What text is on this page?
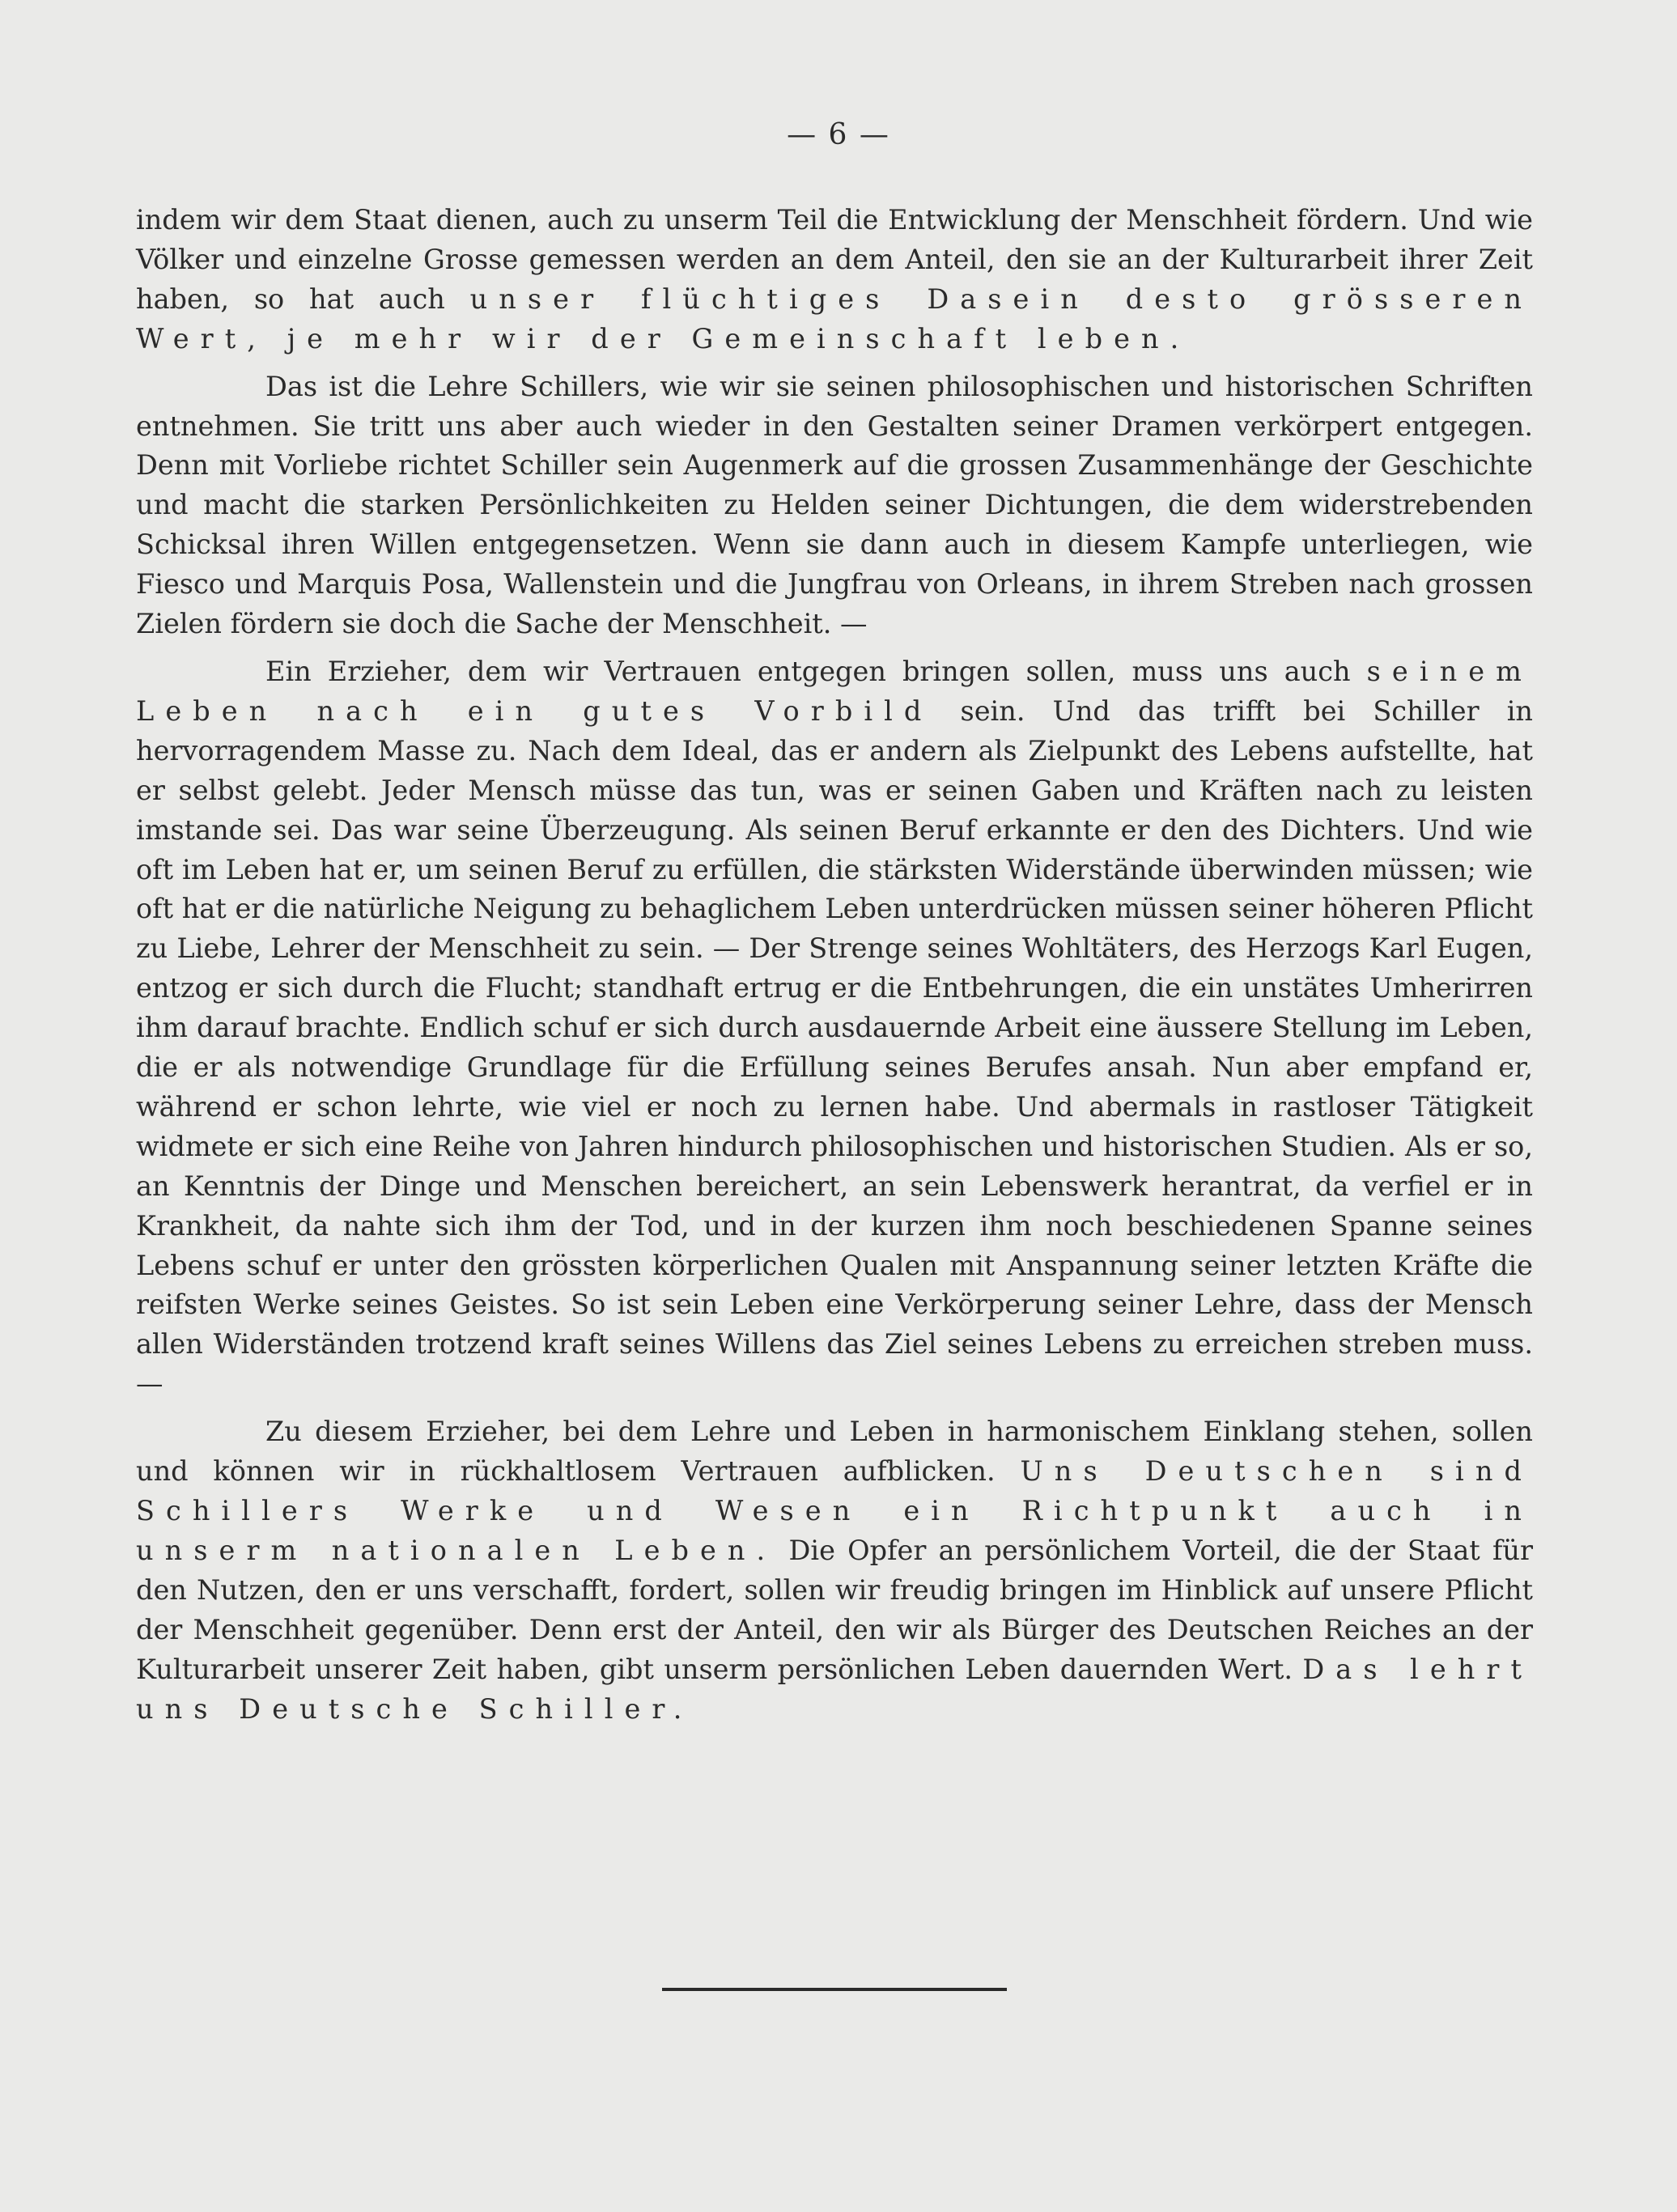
— 6 —

indem wir dem Staat dienen, auch zu unserm Teil die Entwicklung der Menschheit fördern. Und wie Völker und einzelne Grosse gemessen werden an dem Anteil, den sie an der Kulturarbeit ihrer Zeit haben, so hat auch unser flüchtiges Dasein desto grösseren Wert, je mehr wir der Gemeinschaft leben.

Das ist die Lehre Schillers, wie wir sie seinen philosophischen und historischen Schriften entnehmen. Sie tritt uns aber auch wieder in den Gestalten seiner Dramen verkörpert entgegen. Denn mit Vorliebe richtet Schiller sein Augenmerk auf die grossen Zusammenhänge der Geschichte und macht die starken Persönlichkeiten zu Helden seiner Dichtungen, die dem widerstrebenden Schicksal ihren Willen entgegensetzen. Wenn sie dann auch in diesem Kampfe unterliegen, wie Fiesco und Marquis Posa, Wallenstein und die Jungfrau von Orleans, in ihrem Streben nach grossen Zielen fördern sie doch die Sache der Menschheit. —

Ein Erzieher, dem wir Vertrauen entgegen bringen sollen, muss uns auch seinem Leben nach ein gutes Vorbild sein. Und das trifft bei Schiller in hervorragendem Masse zu. Nach dem Ideal, das er andern als Zielpunkt des Lebens aufstellte, hat er selbst gelebt. Jeder Mensch müsse das tun, was er seinen Gaben und Kräften nach zu leisten imstande sei. Das war seine Überzeugung. Als seinen Beruf erkannte er den des Dichters. Und wie oft im Leben hat er, um seinen Beruf zu erfüllen, die stärksten Widerstände überwinden müssen; wie oft hat er die natürliche Neigung zu behaglichem Leben unterdrücken müssen seiner höheren Pflicht zu Liebe, Lehrer der Menschheit zu sein. — Der Strenge seines Wohltäters, des Herzogs Karl Eugen, entzog er sich durch die Flucht; standhaft ertrug er die Entbehrungen, die ein unstätes Umherirren ihm darauf brachte. Endlich schuf er sich durch ausdauernde Arbeit eine äussere Stellung im Leben, die er als notwendige Grundlage für die Erfüllung seines Berufes ansah. Nun aber empfand er, während er schon lehrte, wie viel er noch zu lernen habe. Und abermals in rastloser Tätigkeit widmete er sich eine Reihe von Jahren hindurch philosophischen und historischen Studien. Als er so, an Kenntnis der Dinge und Menschen bereichert, an sein Lebenswerk herantrat, da verfiel er in Krankheit, da nahte sich ihm der Tod, und in der kurzen ihm noch beschiedenen Spanne seines Lebens schuf er unter den grössten körperlichen Qualen mit Anspannung seiner letzten Kräfte die reifsten Werke seines Geistes. So ist sein Leben eine Verkörperung seiner Lehre, dass der Mensch allen Widerständen trotzend kraft seines Willens das Ziel seines Lebens zu erreichen streben muss. —

Zu diesem Erzieher, bei dem Lehre und Leben in harmonischem Einklang stehen, sollen und können wir in rückhaltlosem Vertrauen aufblicken. Uns Deutschen sind Schillers Werke und Wesen ein Richtpunkt auch in unserm nationalen Leben. Die Opfer an persönlichem Vorteil, die der Staat für den Nutzen, den er uns verschafft, fordert, sollen wir freudig bringen im Hinblick auf unsere Pflicht der Menschheit gegenüber. Denn erst der Anteil, den wir als Bürger des Deutschen Reiches an der Kulturarbeit unserer Zeit haben, gibt unserm persönlichen Leben dauernden Wert. Das lehrt uns Deutsche Schiller.
